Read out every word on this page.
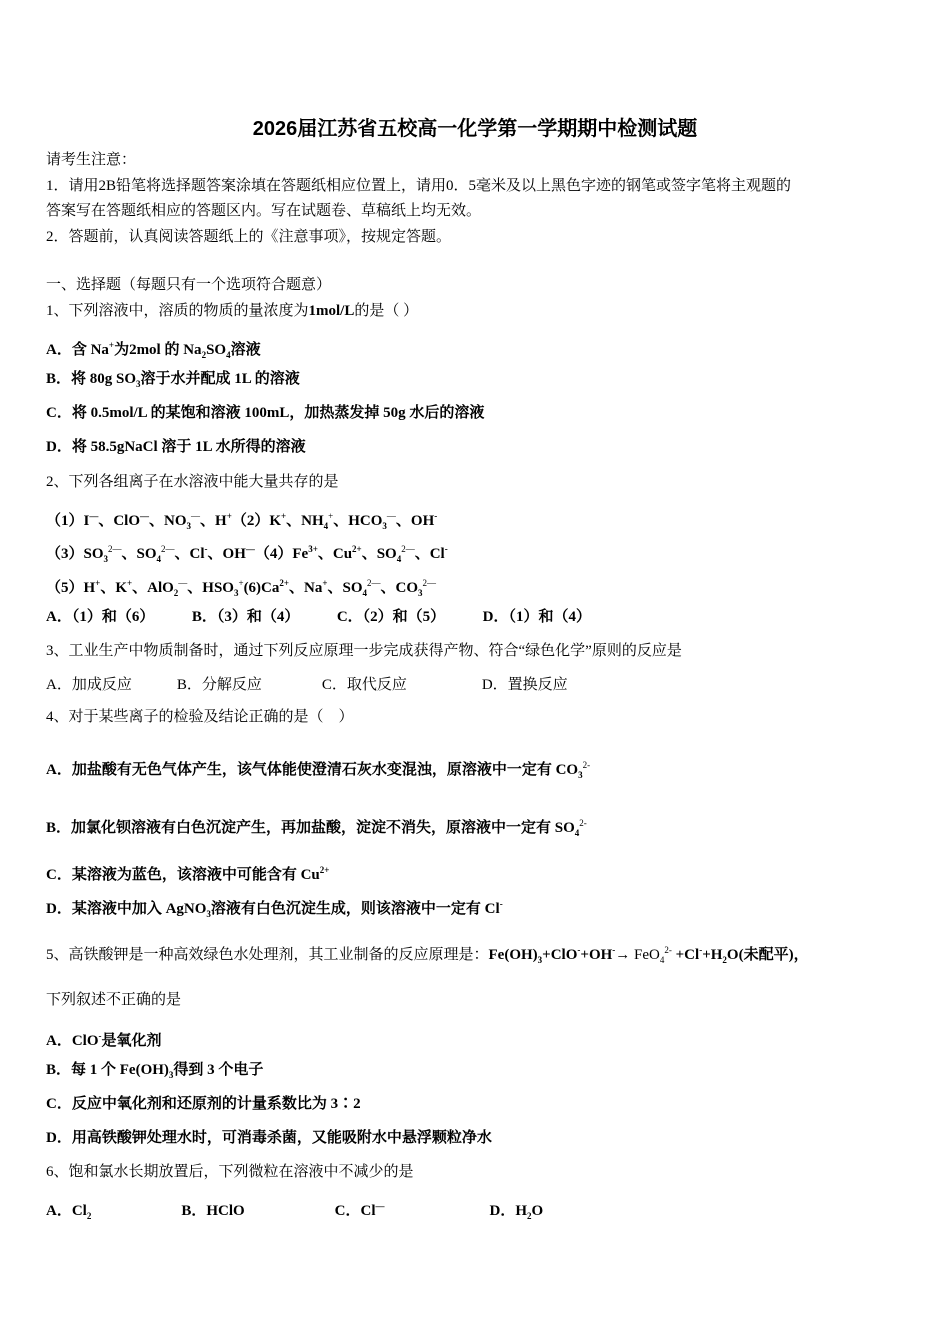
2026届江苏省五校高一化学第一学期期中检测试题
请考生注意：
1．请用2B铅笔将选择题答案涂填在答题纸相应位置上，请用0．5毫米及以上黑色字迹的钢笔或签字笔将主观题的
答案写在答题纸相应的答题区内。写在试题卷、草稿纸上均无效。
2．答题前，认真阅读答题纸上的《注意事项》，按规定答题。
一、选择题（每题只有一个选项符合题意）
1、下列溶液中，溶质的物质的量浓度为1mol/L的是（ ）
A．含 Na+为2mol 的 $Na_2SO_4$溶液
B．将 80g $SO_3$溶于水并配成 1L 的溶液
C．将 0.5mol/L 的某饱和溶液 100mL，加热蒸发掉 50g 水后的溶液
D．将 58.5gNaCl 溶于 1L 水所得的溶液
2、下列各组离子在水溶液中能大量共存的是
（1）I—、ClO—、$NO_3^—$、H+（2）K+、$NH_4^+$、$HCO_3^—$、OH-
$(3)SO_3^{2—}$、$SO_4^{2—}$、Cl-、$OH^—(4)Fe^{3+}$、$Cu^{2+}$、$SO_4^{2—}$、Cl-
（5）H+、K+、AlO$_2$—、$HSO_3^+(6)Ca^{2+}$、Na+、$SO_4^{2—}$、$CO_3^{2—}$
A．（1）和（6）　　　B．（3）和（4）　　　C．（2）和（5）　　　D．（1）和（4）
3、工业生产中物质制备时，通过下列反应原理一步完成获得产物、符合“绿色化学”原则的反应是
A．加成反应　　　B．分解反应　　　　C．取代反应　　　　　D．置换反应
4、对于某些离子的检验及结论正确的是（　）
A．加盐酸有无色气体产生，该气体能使澄清石灰水变混浊，原溶液中一定有 $CO_3^{2-}$
B．加氯化钡溶液有白色沉淀产生，再加盐酸，淀淀不消失，原溶液中一定有 $SO_4^{2-}$
C．某溶液为蓝色，该溶液中可能含有 $Cu^{2+}$
D．某溶液中加入 AgNO$_3$溶液有白色沉淀生成，则该溶液中一定有 Cl-
5、高铁酸钾是一种高效绿色水处理剂，其工业制备的反应原理是：$Fe(OH)_3+ClO^-+OH^-\to FeO_4^{2-} +Cl^-+H_2O$(未配平)，
下列叙述不正确的是
A．ClO-是氧化剂
B．每 1 个 $Fe(OH)_3$得到 3 个电子
C．反应中氧化剂和还原剂的计量系数比为 3∶2
D．用高铁酸钾处理水时，可消毒杀菌，又能吸附水中悬浮颗粒净水
6、饱和氯水长期放置后，下列微粒在溶液中不减少的是
A．$Cl_2$　　　　　　B．HClO　　　　　　C．Cl—　　　　　　　D．$H_2O$
